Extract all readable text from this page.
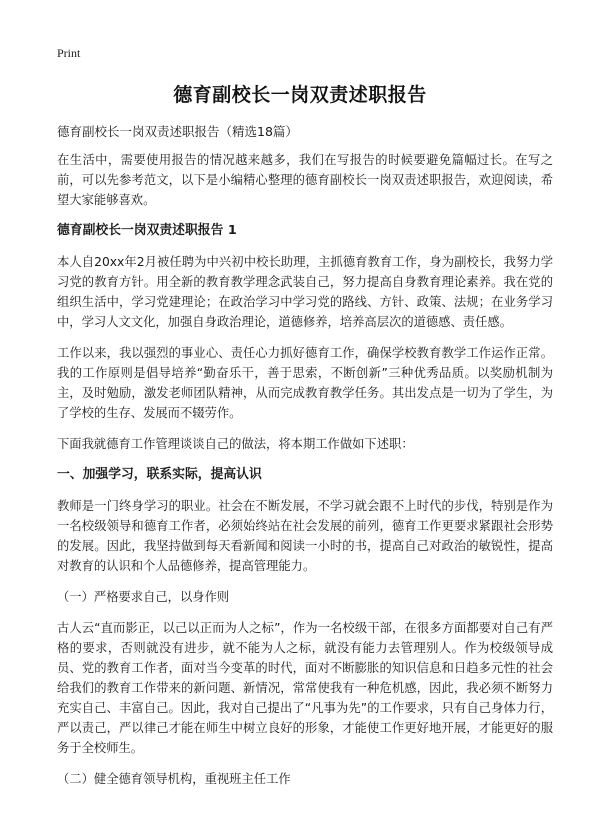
Print
德育副校长一岗双责述职报告

德育副校长一岗双责述职报告（精选18篇）

在生活中，需要使用报告的情况越来越多，我们在写报告的时候要避免篇幅过长。在写之前，可以先参考范文，以下是小编精心整理的德育副校长一岗双责述职报告，欢迎阅读，希望大家能够喜欢。

德育副校长一岗双责述职报告 1

本人自20xx年2月被任聘为中兴初中校长助理，主抓德育教育工作，身为副校长，我努力学习党的教育方针。用全新的教育教学理念武装自己，努力提高自身教育理论素养。我在党的组织生活中，学习党建理论；在政治学习中学习党的路线、方针、政策、法规；在业务学习中，学习人文文化，加强自身政治理论，道德修养，培养高层次的道德感、责任感。

工作以来，我以强烈的事业心、责任心力抓好德育工作，确保学校教育教学工作运作正常。我的工作原则是倡导培养“勤奋乐干，善于思索，不断创新”三种优秀品质。以奖励机制为主，及时勉励，激发老师团队精神，从而完成教育教学任务。其出发点是一切为了学生，为了学校的生存、发展而不辍劳作。

下面我就德育工作管理谈谈自己的做法，将本期工作做如下述职：

一、加强学习，联系实际，提高认识

教师是一门终身学习的职业。社会在不断发展，不学习就会跟不上时代的步伐，特别是作为一名校级领导和德育工作者，必须始终站在社会发展的前列，德育工作更要求紧跟社会形势的发展。因此，我坚持做到每天看新闻和阅读一小时的书，提高自己对政治的敏锐性，提高对教育的认识和个人品德修养，提高管理能力。

（一）严格要求自己，以身作则

古人云“直而影正，以己以正而为人之标”，作为一名校级干部，在很多方面都要对自己有严格的要求，否则就没有进步，就不能为人之标，就没有能力去管理别人。作为校级领导成员、党的教育工作者，面对当今变革的时代，面对不断膨胀的知识信息和日趋多元性的社会给我们的教育工作带来的新问题、新情况，常常使我有一种危机感，因此，我必须不断努力充实自己、丰富自己。因此，我对自己提出了“凡事为先”的工作要求，只有自己身体力行，严以责己，严以律己才能在师生中树立良好的形象，才能使工作更好地开展，才能更好的服务于全校师生。

（二）健全德育领导机构，重视班主任工作
